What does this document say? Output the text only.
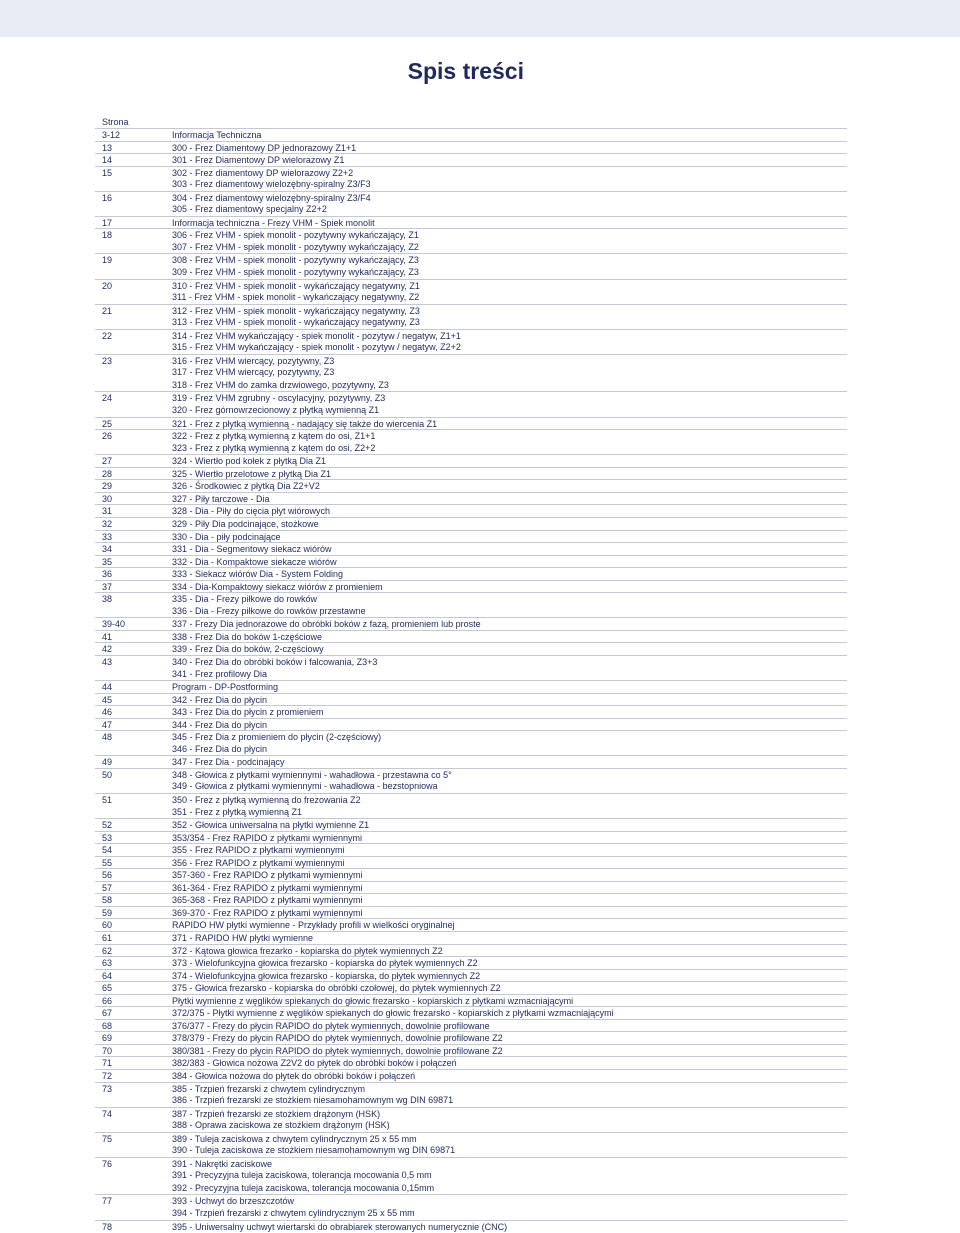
Spis treści
Strona
3-12	Informacja Techniczna
13	300 - Frez Diamentowy DP jednorazowy Z1+1
14	301 - Frez Diamentowy DP wielorazowy Z1
15	302 - Frez diamentowy DP wielorazowy Z2+2
303 - Frez diamentowy wielozębny-spiralny Z3/F3
16	304 - Frez diamentowy wielozębny-spiralny Z3/F4
305 - Frez diamentowy specjalny Z2+2
17	Informacja techniczna - Frezy VHM - Spiek monolit
18	306 - Frez VHM - spiek monolit - pozytywny wykańczający, Z1
307 - Frez VHM - spiek monolit - pozytywny wykańczający, Z2
19	308 - Frez VHM - spiek monolit - pozytywny wykańczający, Z3
309 - Frez VHM - spiek monolit - pozytywny wykańczający, Z3
20	310 - Frez VHM - spiek monolit - wykańczający negatywny, Z1
311 - Frez VHM - spiek monolit - wykańczający negatywny, Z2
21	312 - Frez VHM - spiek monolit - wykańczający negatywny, Z3
313 - Frez VHM - spiek monolit - wykańczający negatywny, Z3
22	314 - Frez VHM wykańczający - spiek monolit - pozytyw / negatyw, Z1+1
315 - Frez VHM wykańczający - spiek monolit - pozytyw / negatyw, Z2+2
23	316 - Frez VHM wiercący, pozytywny, Z3
317 - Frez VHM wiercący, pozytywny, Z3
318 - Frez VHM do zamka drzwiowego, pozytywny, Z3
24	319 - Frez VHM zgrubny - oscylacyjny, pozytywny, Z3
320 - Frez górnowrzecionowy z płytką wymienną Z1
25	321 - Frez z płytką wymienną - nadający się także do wiercenia Z1
26	322 - Frez z płytką wymienną z kątem do osi, Z1+1
323 - Frez z płytką wymienną z kątem do osi, Z2+2
27	324 - Wiertło pod kołek z płytką Dia Z1
28	325 - Wiertło przelotowe z płytką Dia Z1
29	326 - Środkowiec z płytką Dia Z2+V2
30	327 - Piły tarczowe - Dia
31	328 - Dia - Piły do cięcia płyt wiórowych
32	329 - Piły Dia podcinające, stożkowe
33	330 - Dia - piły podcinające
34	331 - Dia - Segmentowy siekacz wiórów
35	332 - Dia - Kompaktowe siekacze wiórów
36	333 - Siekacz wiórów Dia - System Folding
37	334 - Dia-Kompaktowy siekacz wiórów z promieniem
38	335 - Dia - Frezy piłkowe do rowków
336 - Dia - Frezy piłkowe do rowków przestawne
39-40	337 - Frezy Dia jednorazowe do obróbki boków z fazą, promieniem lub proste
41	338 - Frez Dia do boków 1-częściowe
42	339 - Frez Dia do boków, 2-częściowy
43	340 - Frez Dia do obróbki boków i falcowania, Z3+3
341 - Frez profilowy Dia
44	Program - DP-Postforming
45	342 - Frez Dia do płycin
46	343 - Frez Dia do płycin z promieniem
47	344 - Frez Dia do płycin
48	345 - Frez Dia z promieniem do płycin (2-częściowy)
346 - Frez Dia do płycin
49	347 - Frez Dia - podcinający
50	348 - Głowica z płytkami wymiennymi - wahadłowa - przestawna co 5°
349 - Głowica z płytkami wymiennymi - wahadłowa - bezstopniowa
51	350 - Frez z płytką wymienną do frezowania Z2
351 - Frez z płytką wymienną Z1
52	352 - Głowica uniwersalna na płytki wymienne Z1
53	353/354 - Frez RAPIDO z płytkami wymiennymi
54	355 - Frez RAPIDO z płytkami wymiennymi
55	356 - Frez RAPIDO z płytkami wymiennymi
56	357-360 - Frez RAPIDO z płytkami wymiennymi
57	361-364 - Frez RAPIDO z płytkami wymiennymi
58	365-368 - Frez RAPIDO z płytkami wymiennymi
59	369-370 - Frez RAPIDO z płytkami wymiennymi
60	RAPIDO HW płytki wymienne - Przykłady profili w wielkości oryginalnej
61	371 - RAPIDO HW płytki wymienne
62	372 - Kątowa głowica frezarko - kopiarska do płytek wymiennych Z2
63	373 - Wielofunkcyjna głowica frezarsko - kopiarska do płytek wymiennych Z2
64	374 - Wielofunkcyjna głowica frezarsko - kopiarska, do płytek wymiennych Z2
65	375 - Głowica frezarsko - kopiarska do obróbki czołowej, do płytek wymiennych Z2
66	Płytki wymienne z węglików spiekanych do głowic frezarsko - kopiarskich z płytkami wzmacniającymi
67	372/375 - Płytki wymienne z węglików spiekanych do głowic frezarsko - kopiarskich z płytkami wzmacniającymi
68	376/377 - Frezy do płycin RAPIDO do płytek wymiennych, dowolnie profilowane
69	378/379 - Frezy do płycin RAPIDO do płytek wymiennych, dowolnie profilowane Z2
70	380/381 - Frezy do płycin RAPIDO do płytek wymiennych, dowolnie profilowane Z2
71	382/383 - Głowica nożowa Z2V2 do płytek do obróbki boków i połączeń
72	384 - Głowica nożowa do płytek do obróbki boków i połączeń
73	385 - Trzpień frezarski z chwytem cylindrycznym
386 - Trzpień frezarski ze stożkiem niesamohamownym wg DIN 69871
74	387 - Trzpień frezarski ze stożkiem drążonym (HSK)
388 - Oprawa zaciskowa ze stożkiem drążonym (HSK)
75	389 - Tuleja zaciskowa z chwytem cylindrycznym 25 x 55 mm
390 - Tuleja zaciskowa ze stożkiem niesamohamownym wg DIN 69871
76	391 - Nakrętki zaciskowe
391 - Precyzyjna tuleja zaciskowa, tolerancja mocowania 0,5 mm
392 - Precyzyjna tuleja zaciskowa, tolerancja mocowania 0,15mm
77	393 - Uchwyt do brzeszczotów
394 - Trzpień frezarski z chwytem cylindrycznym 25 x 55 mm
78	395 - Uniwersalny uchwyt wiertarski do obrabiarek sterowanych numerycznie (CNC)
